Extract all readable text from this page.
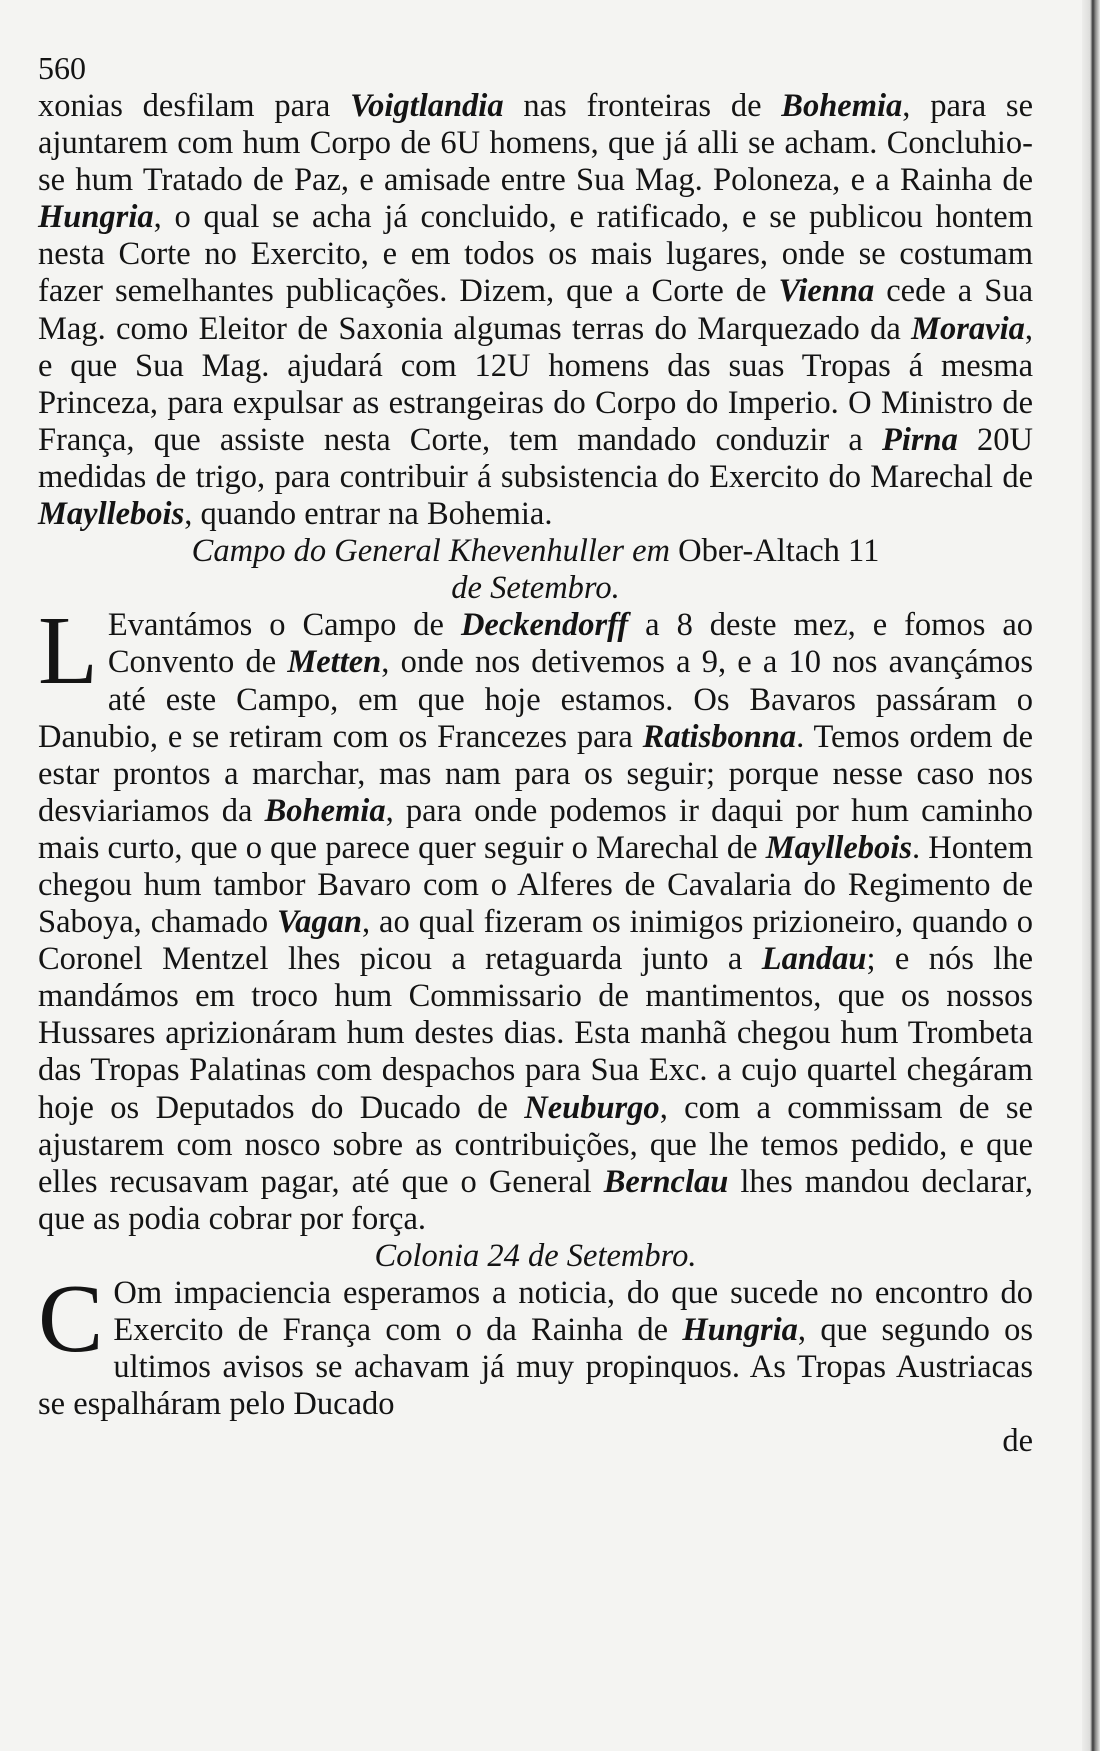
560

xonias desfilam para Voigtlandia nas fronteiras de Bohemia, para se ajuntarem com hum Corpo de 6U homens, que já alli se acham. Concluhio-se hum Tratado de Paz, e amisade entre Sua Mag. Poloneza, e a Rainha de Hungria, o qual se acha já concluido, e ratificado, e se publicou hontem nesta Corte no Exercito, e em todos os mais lugares, onde se costumam fazer semelhantes publicações. Dizem, que a Corte de Vienna cede a Sua Mag. como Eleitor de Saxonia algumas terras do Marquezado da Moravia, e que Sua Mag. ajudará com 12U homens das suas Tropas á mesma Princeza, para expulsar as estrangeiras do Corpo do Imperio. O Ministro de França, que assiste nesta Corte, tem mandado conduzir a Pirna 20U medidas de trigo, para contribuir á subsistencia do Exercito do Marechal de Mayllebois, quando entrar na Bohemia.

Campo do General Khevenhuller em Ober-Altach 11
de Setembro.

L Evantámos o Campo de Deckendorff a 8 deste mez, e fomos ao Convento de Metten, onde nos detivemos a 9, e a 10 nos avançámos até este Campo, em que hoje estamos. Os Bavaros passáram o Danubio, e se retiram com os Francezes para Ratisbonna. Temos ordem de estar prontos a marchar, mas nam para os seguir; porque nesse caso nos desviariamos da Bohemia, para onde podemos ir daqui por hum caminho mais curto, que o que parece quer seguir o Marechal de Mayllebois. Hontem chegou hum tambor Bavaro com o Alferes de Cavalaria do Regimento de Saboya, chamado Vagan, ao qual fizeram os inimigos prizioneiro, quando o Coronel Mentzel lhes picou a retaguarda junto a Landau; e nós lhe mandámos em troco hum Commissario de mantimentos, que os nossos Hussares aprizionáram hum destes dias. Esta manhã chegou hum Trombeta das Tropas Palatinas com despachos para Sua Exc. a cujo quartel chegáram hoje os Deputados do Ducado de Neuburgo, com a commissam de se ajustarem com nosco sobre as contribuições, que lhe temos pedido, e que elles recusavam pagar, até que o General Bernclau lhes mandou declarar, que as podia cobrar por força.

Colonia 24 de Setembro.

C Om impaciencia esperamos a noticia, do que sucede no encontro do Exercito de França com o da Rainha de Hungria, que segundo os ultimos avisos se achavam já muy propinquos. As Tropas Austriacas se espalháram pelo Ducado

de
